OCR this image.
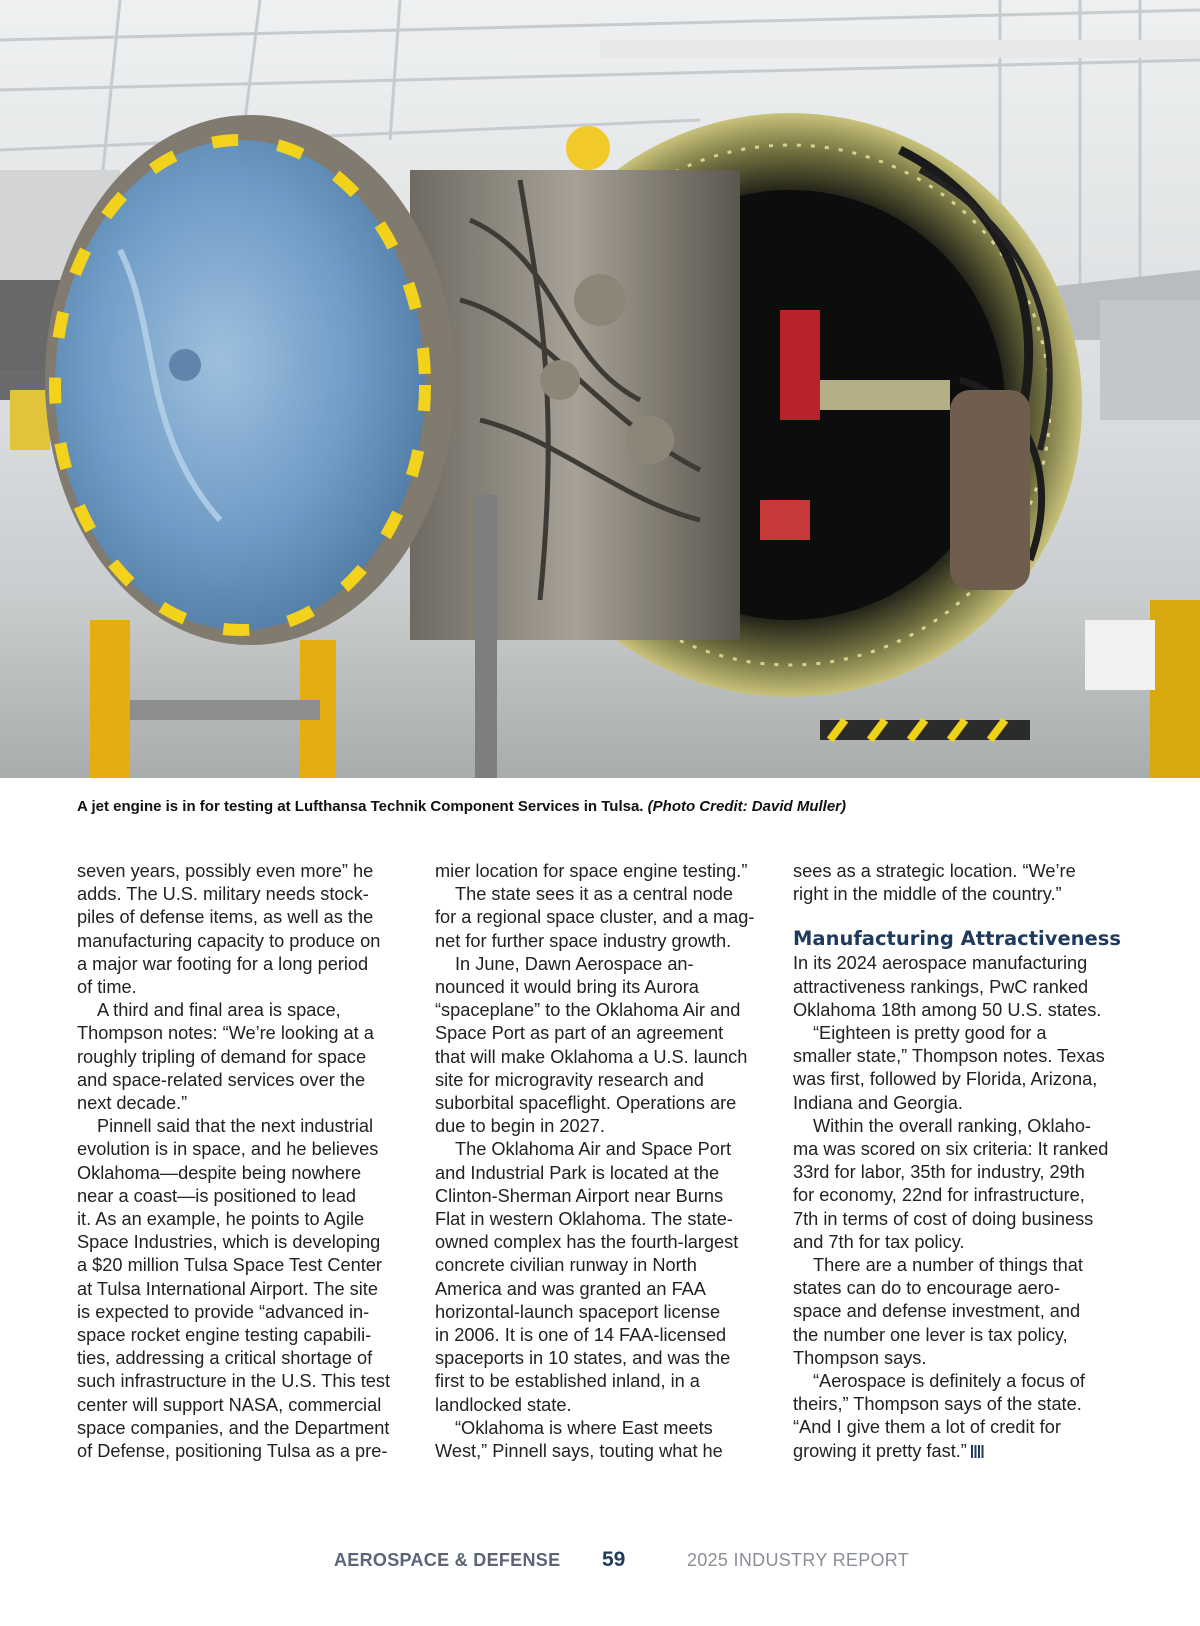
A jet engine is in for testing at Lufthansa Technik Component Services in Tulsa. (Photo Credit: David Muller)
seven years, possibly even more” he
adds. The U.S. military needs stock-
piles of defense items, as well as the
manufacturing capacity to produce on
a major war footing for a long period
of time.
A third and final area is space,
Thompson notes: “We’re looking at a
roughly tripling of demand for space
and space-related services over the
next decade.”
Pinnell said that the next industrial
evolution is in space, and he believes
Oklahoma—despite being nowhere
near a coast—is positioned to lead
it. As an example, he points to Agile
Space Industries, which is developing
a $20 million Tulsa Space Test Center
at Tulsa International Airport. The site
is expected to provide “advanced in-
space rocket engine testing capabili-
ties, addressing a critical shortage of
such infrastructure in the U.S. This test
center will support NASA, commercial
space companies, and the Department
of Defense, positioning Tulsa as a pre-
mier location for space engine testing.”
The state sees it as a central node
for a regional space cluster, and a mag-
net for further space industry growth.
In June, Dawn Aerospace an-
nounced it would bring its Aurora
“spaceplane” to the Oklahoma Air and
Space Port as part of an agreement
that will make Oklahoma a U.S. launch
site for microgravity research and
suborbital spaceflight. Operations are
due to begin in 2027.
The Oklahoma Air and Space Port
and Industrial Park is located at the
Clinton-Sherman Airport near Burns
Flat in western Oklahoma. The state-
owned complex has the fourth-largest
concrete civilian runway in North
America and was granted an FAA
horizontal-launch spaceport license
in 2006. It is one of 14 FAA-licensed
spaceports in 10 states, and was the
first to be established inland, in a
landlocked state.
“Oklahoma is where East meets
West,” Pinnell says, touting what he
sees as a strategic location. “We’re
right in the middle of the country.”
Manufacturing Attractiveness
In its 2024 aerospace manufacturing
attractiveness rankings, PwC ranked
Oklahoma 18th among 50 U.S. states.
“Eighteen is pretty good for a
smaller state,” Thompson notes. Texas
was first, followed by Florida, Arizona,
Indiana and Georgia.
Within the overall ranking, Oklaho-
ma was scored on six criteria: It ranked
33rd for labor, 35th for industry, 29th
for economy, 22nd for infrastructure,
7th in terms of cost of doing business
and 7th for tax policy.
There are a number of things that
states can do to encourage aero-
space and defense investment, and
the number one lever is tax policy,
Thompson says.
“Aerospace is definitely a focus of
theirs,” Thompson says of the state.
“And I give them a lot of credit for
growing it pretty fast.”
AEROSPACE & DEFENSE 59	2025 INDUSTRY REPORT
